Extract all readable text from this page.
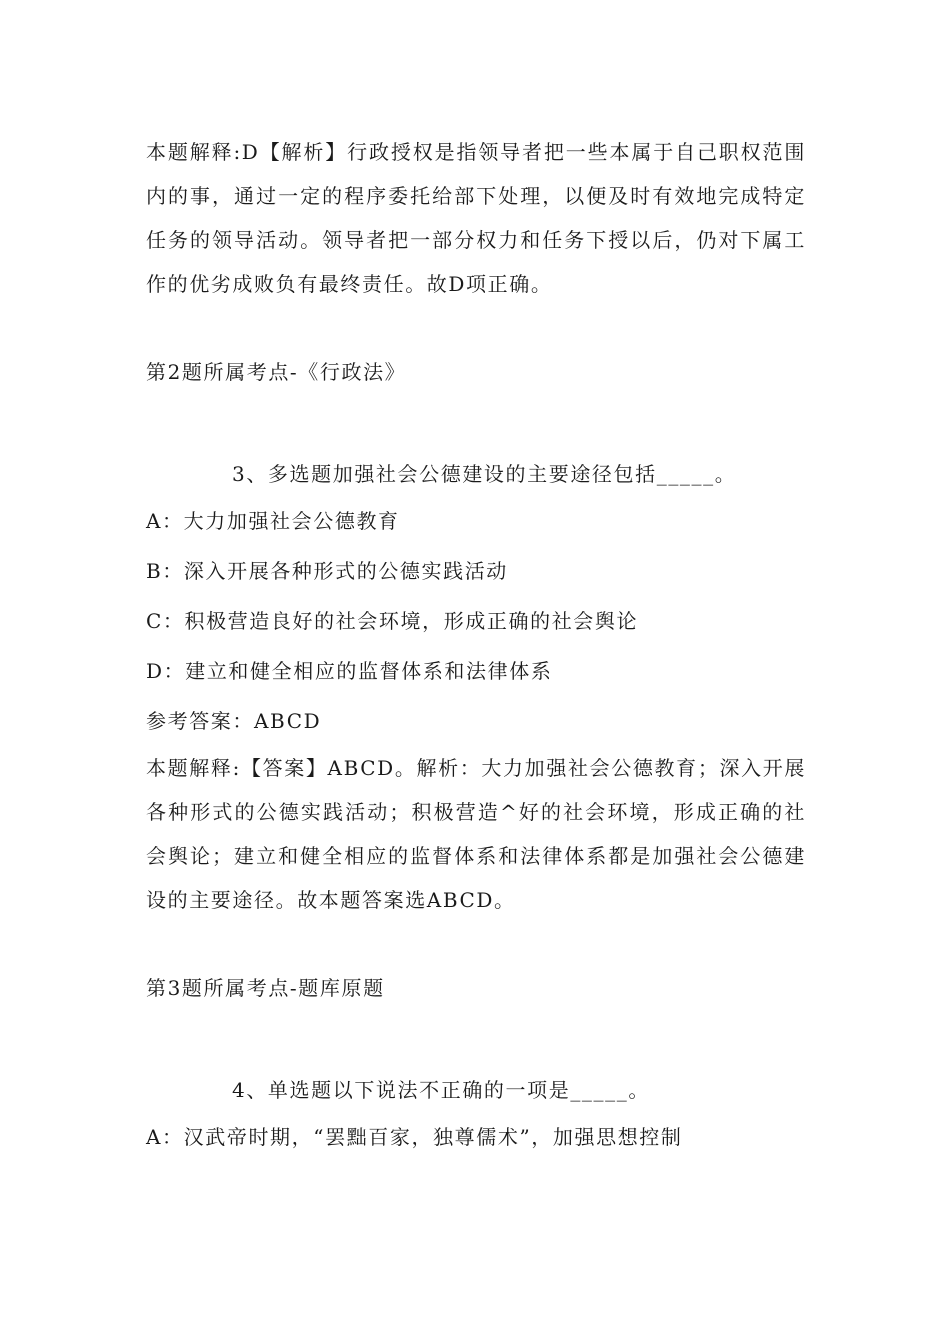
本题解释:D【解析】行政授权是指领导者把一些本属于自己职权范围内的事，通过一定的程序委托给部下处理，以便及时有效地完成特定任务的领导活动。领导者把一部分权力和任务下授以后，仍对下属工作的优劣成败负有最终责任。故D项正确。

第2题所属考点-《行政法》

3、多选题加强社会公德建设的主要途径包括_____。

A：大力加强社会公德教育

B：深入开展各种形式的公德实践活动

C：积极营造良好的社会环境，形成正确的社会舆论

D：建立和健全相应的监督体系和法律体系

参考答案：ABCD

本题解释:【答案】ABCD。解析：大力加强社会公德教育；深入开展各种形式的公德实践活动；积极营造^好的社会环境，形成正确的社会舆论；建立和健全相应的监督体系和法律体系都是加强社会公德建设的主要途径。故本题答案选ABCD。

第3题所属考点-题库原题

4、单选题以下说法不正确的一项是_____。

A：汉武帝时期，“罢黜百家，独尊儒术”，加强思想控制
